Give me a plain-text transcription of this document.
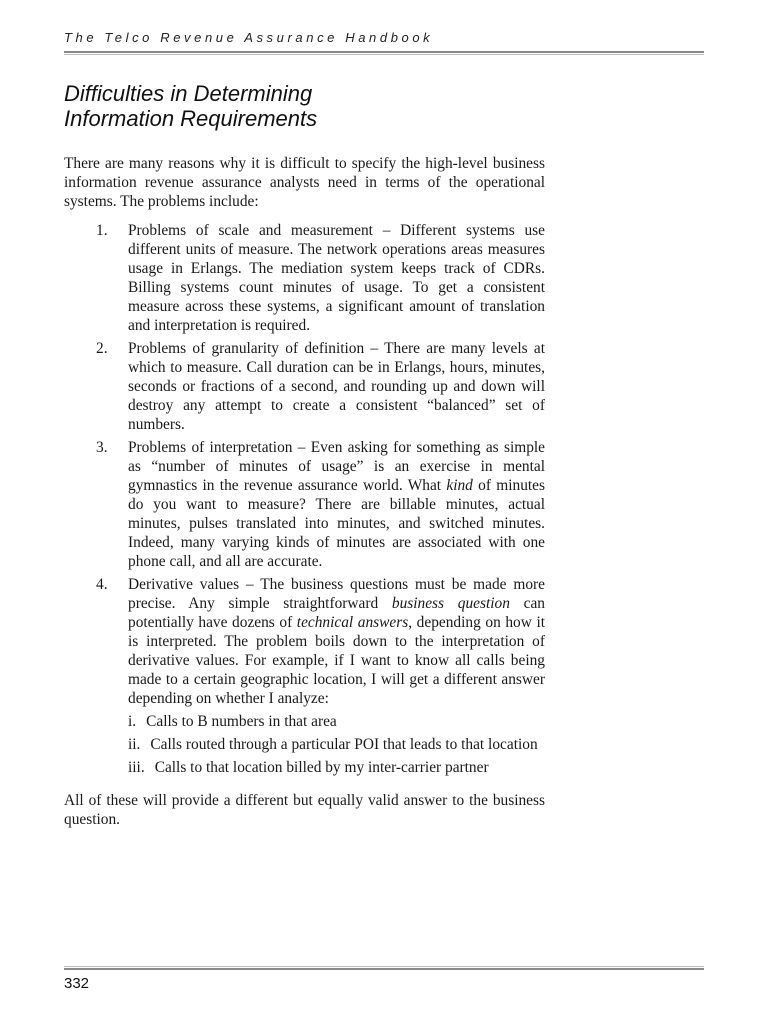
The Telco Revenue Assurance Handbook
Difficulties in Determining
Information Requirements

There are many reasons why it is difficult to specify the high-level business information revenue assurance analysts need in terms of the operational systems. The problems include:

1. Problems of scale and measurement – Different systems use different units of measure. The network operations areas measures usage in Erlangs. The mediation system keeps track of CDRs. Billing systems count minutes of usage. To get a consistent measure across these systems, a significant amount of translation and interpretation is required.
2. Problems of granularity of definition – There are many levels at which to measure. Call duration can be in Erlangs, hours, minutes, seconds or fractions of a second, and rounding up and down will destroy any attempt to create a consistent “balanced” set of numbers.
3. Problems of interpretation – Even asking for something as simple as “number of minutes of usage” is an exercise in mental gymnastics in the revenue assurance world. What kind of minutes do you want to measure? There are billable minutes, actual minutes, pulses translated into minutes, and switched minutes. Indeed, many varying kinds of minutes are associated with one phone call, and all are accurate.
4. Derivative values – The business questions must be made more precise. Any simple straightforward business question can potentially have dozens of technical answers, depending on how it is interpreted. The problem boils down to the interpretation of derivative values. For example, if I want to know all calls being made to a certain geographic location, I will get a different answer depending on whether I analyze:
i. Calls to B numbers in that area
ii. Calls routed through a particular POI that leads to that location
iii. Calls to that location billed by my inter-carrier partner

All of these will provide a different but equally valid answer to the business question.

332
